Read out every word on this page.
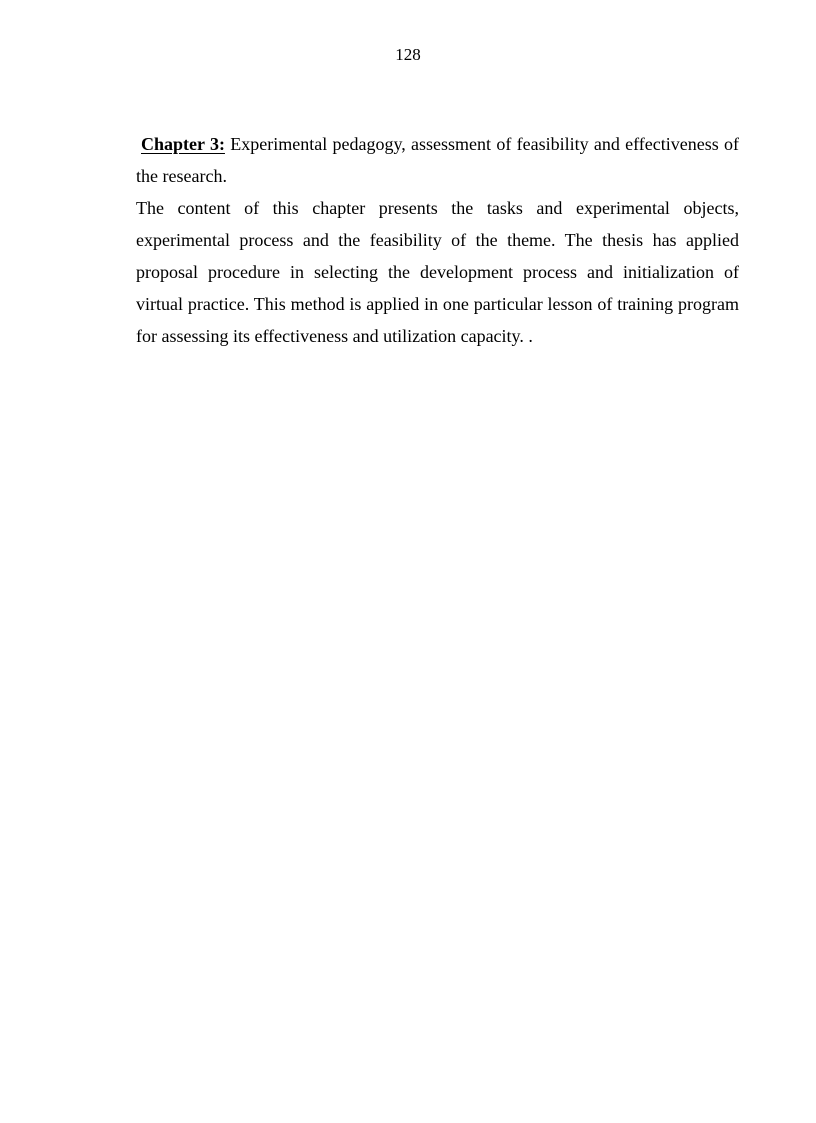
128

Chapter 3: Experimental pedagogy, assessment of feasibility and effectiveness of the research.

The content of this chapter presents the tasks and experimental objects, experimental process and the feasibility of the theme. The thesis has applied proposal procedure in selecting the development process and initialization of virtual practice. This method is applied in one particular lesson of training program for assessing its effectiveness and utilization capacity. .
